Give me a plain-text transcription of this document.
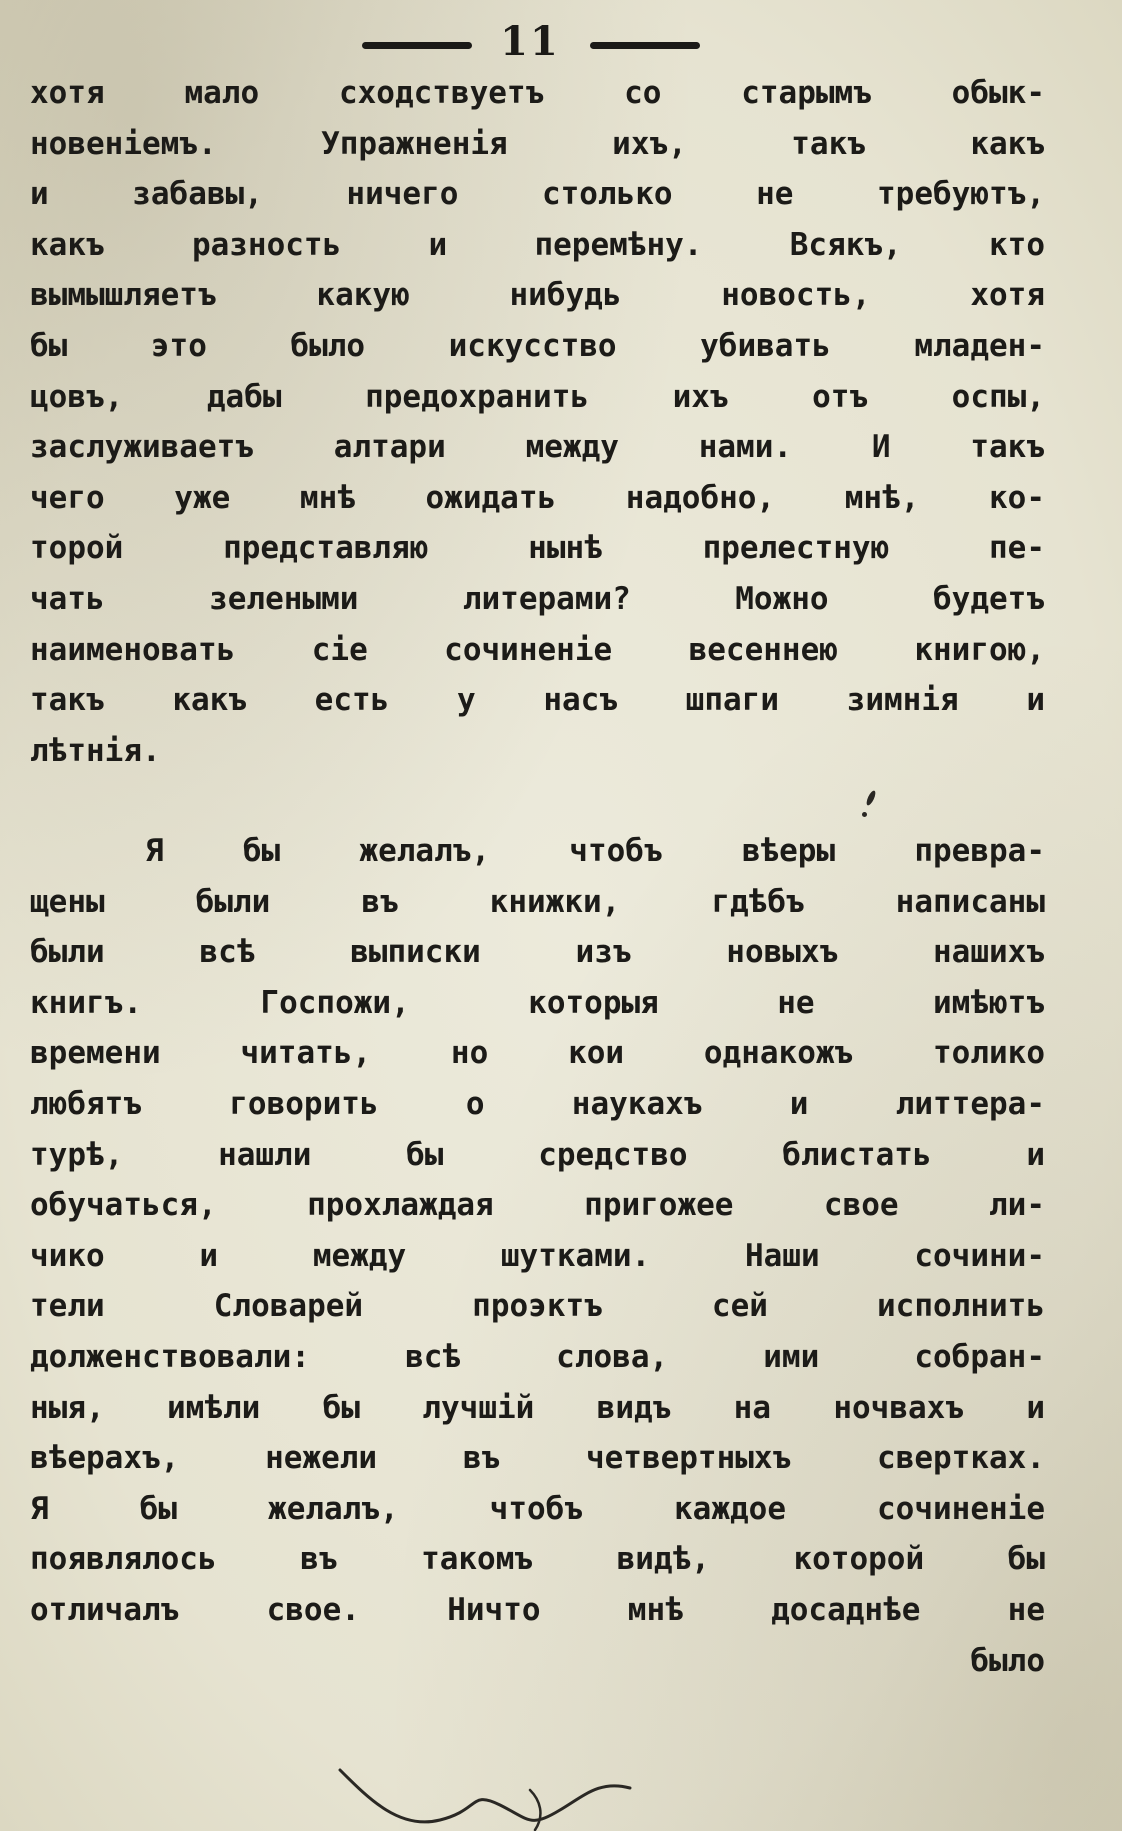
11
хотя мало сходствуетъ со старымъ обык-
новеніемъ. Упражненія ихъ, такъ какъ
и забавы, ничего столько не требуютъ,
какъ разность и перемѣну. Всякъ, кто
вымышляетъ какую нибудь новость, хотя
бы это было искусство убивать младен-
цовъ, дабы предохранить ихъ отъ оспы,
заслуживаетъ алтари между нами. И такъ
чего уже мнѣ ожидать надобно, мнѣ, ко-
торой представляю нынѣ прелестную пе-
чать зелеными литерами? Можно будетъ
наименовать сіе сочиненіе весеннею книгою,
такъ какъ есть у насъ шпаги зимнія и
лѣтнія.
Я бы желалъ, чтобъ вѣеры превра-
щены были въ книжки, гдѣбъ написаны
были всѣ выписки изъ новыхъ нашихъ
книгъ. Госпожи, которыя не имѣютъ
времени читать, но кои однакожъ толико
любятъ говорить о наукахъ и литтера-
турѣ, нашли бы средство блистать и
обучаться, прохлаждая пригожее свое ли-
чико и между шутками. Наши сочини-
тели Словарей проэктъ сей исполнить
долженствовали: всѣ слова, ими собран-
ныя, имѣли бы лучшій видъ на ночвахъ и
вѣерахъ, нежели въ четвертныхъ свертках.
Я бы желалъ, чтобъ каждое сочиненіе
появлялось въ такомъ видѣ, которой бы
отличалъ свое. Ничто мнѣ досаднѣе не
было
